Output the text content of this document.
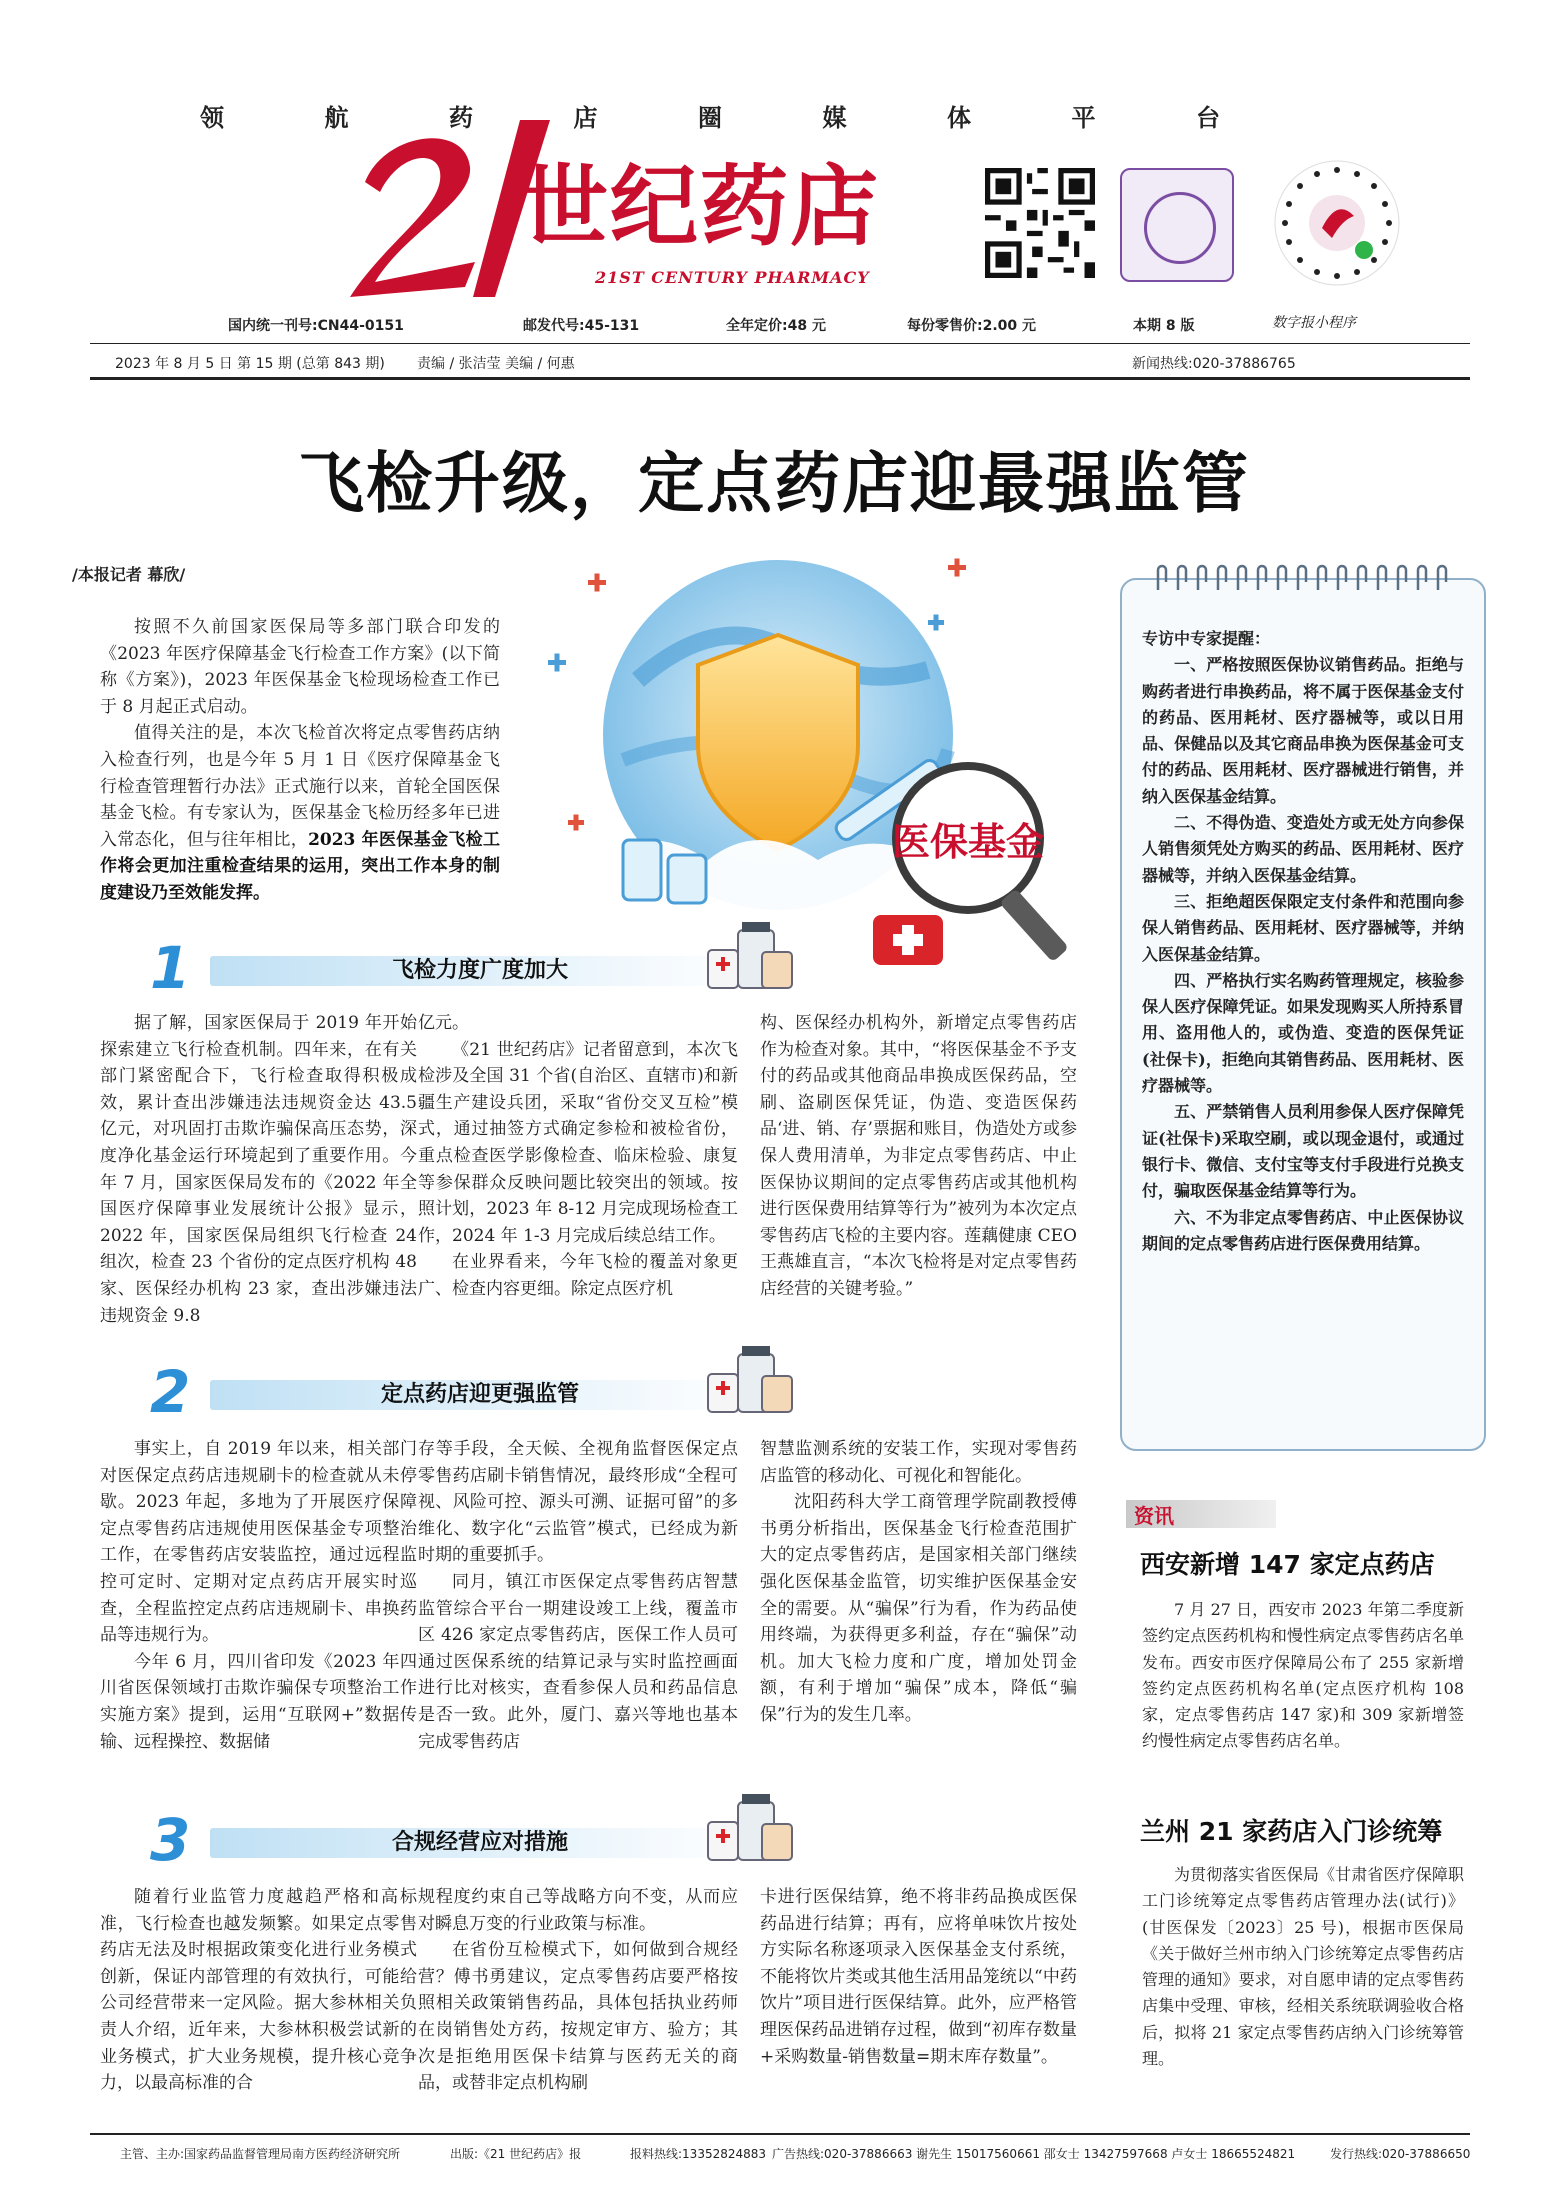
领	航	药	店	圈	媒	体	平	台
世纪药店
21ST CENTURY PHARMACY
数字报小程序
国内统一刊号:CN44-0151	邮发代号:45-131	全年定价:48 元	每份零售价:2.00 元	本期 8 版
2023 年 8 月 5 日 第 15 期 (总第 843 期) 责编 / 张洁莹 美编 / 何惠	新闻热线:020-37886765
飞检升级，定点药店迎最强监管
/本报记者 幕欣/

按照不久前国家医保局等多部门联合印发的《2023 年医疗保障基金飞行检查工作方案》(以下简称《方案》)，2023 年医保基金飞检现场检查工作已于 8 月起正式启动。

值得关注的是，本次飞检首次将定点零售药店纳入检查行列，也是今年 5 月 1 日《医疗保障基金飞行检查管理暂行办法》正式施行以来，首轮全国医保基金飞检。有专家认为，医保基金飞检历经多年已进入常态化，但与往年相比，2023 年医保基金飞检工作将会更加注重检查结果的运用，突出工作本身的制度建设乃至效能发挥。

医保基金
1	飞检力度广度加大

据了解，国家医保局于 2019 年开始探索建立飞行检查机制。四年来，在有关部门紧密配合下，飞行检查取得积极成效，累计查出涉嫌违法违规资金达 43.5 亿元，对巩固打击欺诈骗保高压态势，深度净化基金运行环境起到了重要作用。今年 7 月，国家医保局发布的《2022 年全国医疗保障事业发展统计公报》显示，2022 年，国家医保局组织飞行检查 24 组次，检查 23 个省份的定点医疗机构 48 家、医保经办机构 23 家，查出涉嫌违法违规资金 9.8

亿元。

《21 世纪药店》记者留意到，本次飞检涉及全国 31 个省(自治区、直辖市)和新疆生产建设兵团，采取“省份交叉互检”模式，通过抽签方式确定参检和被检省份，重点检查医学影像检查、临床检验、康复等参保群众反映问题比较突出的领域。按照计划，2023 年 8-12 月完成现场检查工作，2024 年 1-3 月完成后续总结工作。

在业界看来，今年飞检的覆盖对象更广、检查内容更细。除定点医疗机

构、医保经办机构外，新增定点零售药店作为检查对象。其中，“将医保基金不予支付的药品或其他商品串换成医保药品，空刷、盗刷医保凭证，伪造、变造医保药品‘进、销、存’票据和账目，伪造处方或参保人费用清单，为非定点零售药店、中止医保协议期间的定点零售药店或其他机构进行医保费用结算等行为”被列为本次定点零售药店飞检的主要内容。莲藕健康 CEO 王燕雄直言，“本次飞检将是对定点零售药店经营的关键考验。”

2	定点药店迎更强监管

事实上，自 2019 年以来，相关部门对医保定点药店违规刷卡的检查就从未停歇。2023 年起，多地为了开展医疗保障定点零售药店违规使用医保基金专项整治工作，在零售药店安装监控，通过远程监控可定时、定期对定点药店开展实时巡查，全程监控定点药店违规刷卡、串换药品等违规行为。

今年 6 月，四川省印发《2023 年四川省医保领域打击欺诈骗保专项整治工作实施方案》提到，运用“互联网+”数据传输、远程操控、数据储

存等手段，全天候、全视角监督医保定点零售药店刷卡销售情况，最终形成“全程可视、风险可控、源头可溯、证据可留”的多维化、数字化“云监管”模式，已经成为新时期的重要抓手。

同月，镇江市医保定点零售药店智慧监管综合平台一期建设竣工上线，覆盖市区 426 家定点零售药店，医保工作人员可通过医保系统的结算记录与实时监控画面进行比对核实，查看参保人员和药品信息是否一致。此外，厦门、嘉兴等地也基本完成零售药店

智慧监测系统的安装工作，实现对零售药店监管的移动化、可视化和智能化。

沈阳药科大学工商管理学院副教授傅书勇分析指出，医保基金飞行检查范围扩大的定点零售药店，是国家相关部门继续强化医保基金监管，切实维护医保基金安全的需要。从“骗保”行为看，作为药品使用终端，为获得更多利益，存在“骗保”动机。加大飞检力度和广度，增加处罚金额，有利于增加“骗保”成本，降低“骗保”行为的发生几率。

3	合规经营应对措施

随着行业监管力度越趋严格和高标准，飞行检查也越发频繁。如果定点零售药店无法及时根据政策变化进行业务模式创新，保证内部管理的有效执行，可能给公司经营带来一定风险。据大参林相关负责人介绍，近年来，大参林积极尝试新的业务模式，扩大业务规模，提升核心竞争力，以最高标准的合

规程度约束自己等战略方向不变，从而应对瞬息万变的行业政策与标准。

在省份互检模式下，如何做到合规经营？傅书勇建议，定点零售药店要严格按照相关政策销售药品，具体包括执业药师在岗销售处方药，按规定审方、验方；其次是拒绝用医保卡结算与医药无关的商品，或替非定点机构刷

卡进行医保结算，绝不将非药品换成医保药品进行结算；再有，应将单味饮片按处方实际名称逐项录入医保基金支付系统，不能将饮片类或其他生活用品笼统以“中药饮片”项目进行医保结算。此外，应严格管理医保药品进销存过程，做到“初库存数量+采购数量-销售数量=期末库存数量”。

专访中专家提醒：

一、严格按照医保协议销售药品。拒绝与购药者进行串换药品，将不属于医保基金支付的药品、医用耗材、医疗器械等，或以日用品、保健品以及其它商品串换为医保基金可支付的药品、医用耗材、医疗器械进行销售，并纳入医保基金结算。

二、不得伪造、变造处方或无处方向参保人销售须凭处方购买的药品、医用耗材、医疗器械等，并纳入医保基金结算。

三、拒绝超医保限定支付条件和范围向参保人销售药品、医用耗材、医疗器械等，并纳入医保基金结算。

四、严格执行实名购药管理规定，核验参保人医疗保障凭证。如果发现购买人所持系冒用、盗用他人的，或伪造、变造的医保凭证(社保卡)，拒绝向其销售药品、医用耗材、医疗器械等。

五、严禁销售人员利用参保人医疗保障凭证(社保卡)采取空刷，或以现金退付，或通过银行卡、微信、支付宝等支付手段进行兑换支付，骗取医保基金结算等行为。

六、不为非定点零售药店、中止医保协议期间的定点零售药店进行医保费用结算。

资讯
西安新增 147 家定点药店

7 月 27 日，西安市 2023 年第二季度新签约定点医药机构和慢性病定点零售药店名单发布。西安市医疗保障局公布了 255 家新增签约定点医药机构名单(定点医疗机构 108 家，定点零售药店 147 家)和 309 家新增签约慢性病定点零售药店名单。

兰州 21 家药店入门诊统筹

为贯彻落实省医保局《甘肃省医疗保障职工门诊统筹定点零售药店管理办法(试行)》(甘医保发〔2023〕25 号)，根据市医保局《关于做好兰州市纳入门诊统筹定点零售药店管理的通知》要求，对自愿申请的定点零售药店集中受理、审核，经相关系统联调验收合格后，拟将 21 家定点零售药店纳入门诊统筹管理。

主管、主办:国家药品监督管理局南方医药经济研究所	出版:《21 世纪药店》报	报料热线:13352824883 广告热线:020-37886663 谢先生 15017560661 邵女士 13427597668 卢女士 18665524821	发行热线:020-37886650
